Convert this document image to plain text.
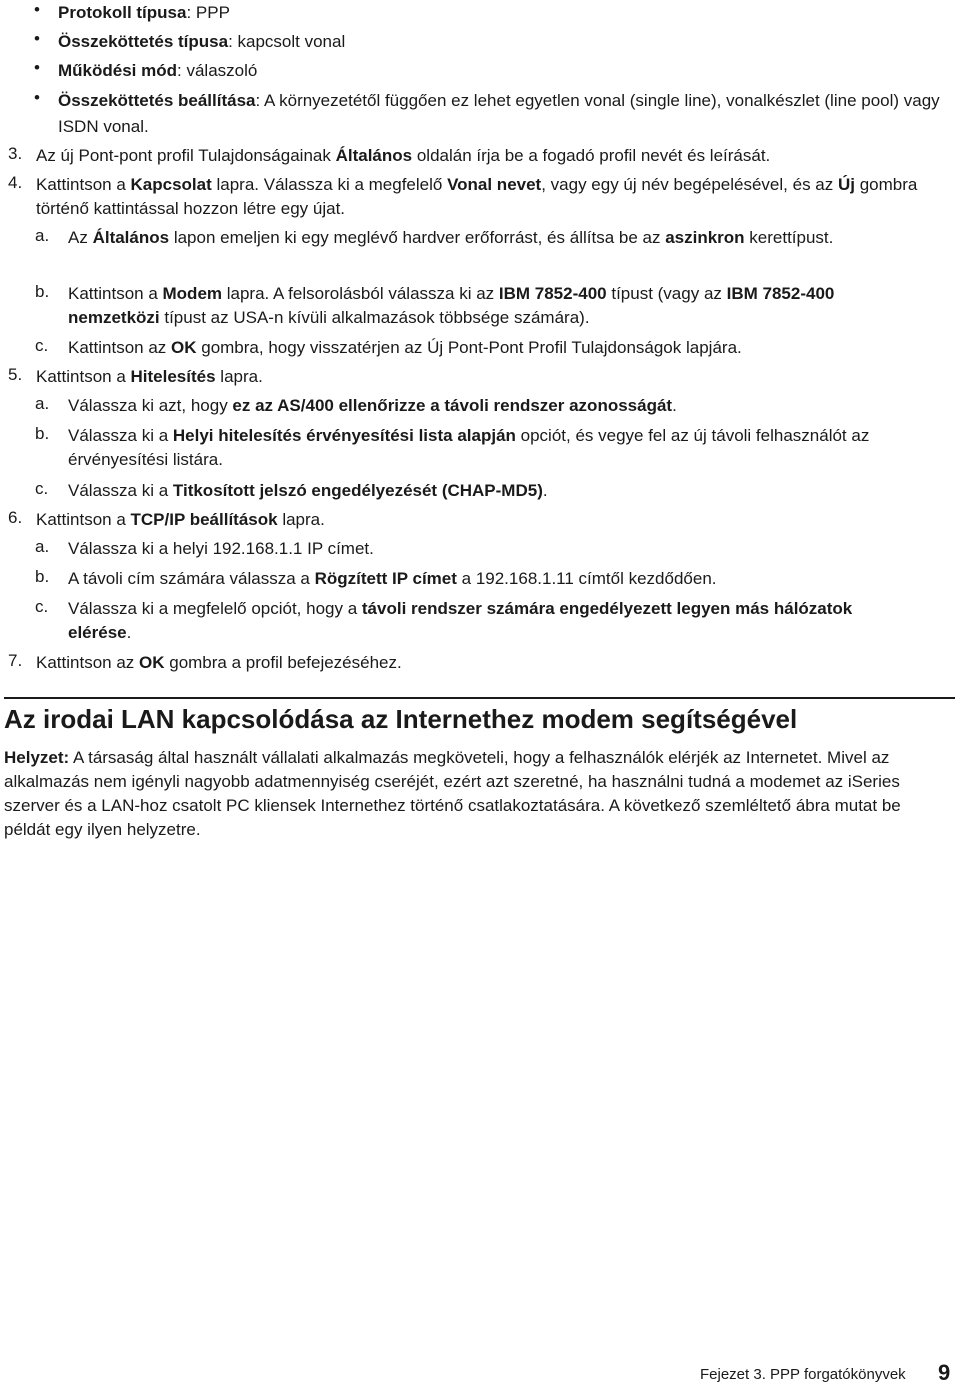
•	Protokoll típusa: PPP
•	Összeköttetés típusa: kapcsolt vonal
•	Működési mód: válaszoló
•	Összeköttetés beállítása: A környezetétől függően ez lehet egyetlen vonal (single line), vonalkészlet (line pool) vagy ISDN vonal.
3. Az új Pont-pont profil Tulajdonságainak Általános oldalán írja be a fogadó profil nevét és leírását.
4. Kattintson a Kapcsolat lapra. Válassza ki a megfelelő Vonal nevet, vagy egy új név begépelésével, és az Új gombra történő kattintással hozzon létre egy újat.
a.	Az Általános lapon emeljen ki egy meglévő hardver erőforrást, és állítsa be az aszinkron kerettípust.
b.	Kattintson a Modem lapra. A felsorolásból válassza ki az IBM 7852-400 típust (vagy az IBM 7852-400 nemzetközi típust az USA-n kívüli alkalmazások többsége számára).
c.	Kattintson az OK gombra, hogy visszatérjen az Új Pont-Pont Profil Tulajdonságok lapjára.
5. Kattintson a Hitelesítés lapra.
a.	Válassza ki azt, hogy ez az AS/400 ellenőrizze a távoli rendszer azonosságát.
b.	Válassza ki a Helyi hitelesítés érvényesítési lista alapján opciót, és vegye fel az új távoli felhasználót az érvényesítési listára.
c.	Válassza ki a Titkosított jelszó engedélyezését (CHAP-MD5).
6. Kattintson a TCP/IP beállítások lapra.
a.	Válassza ki a helyi 192.168.1.1 IP címet.
b.	A távoli cím számára válassza a Rögzített IP címet a 192.168.1.11 címtől kezdődően.
c.	Válassza ki a megfelelő opciót, hogy a távoli rendszer számára engedélyezett legyen más hálózatok elérése.
7. Kattintson az OK gombra a profil befejezéséhez.
Az irodai LAN kapcsolódása az Internethez modem segítségével
Helyzet: A társaság által használt vállalati alkalmazás megköveteli, hogy a felhasználók elérjék az Internetet. Mivel az alkalmazás nem igényli nagyobb adatmennyiség cseréjét, ezért azt szeretné, ha használni tudná a modemet az iSeries szerver és a LAN-hoz csatolt PC kliensek Internethez történő csatlakoztatására. A következő szemléltető ábra mutat be példát egy ilyen helyzetre.
Fejezet 3. PPP forgatókönyvek 9
